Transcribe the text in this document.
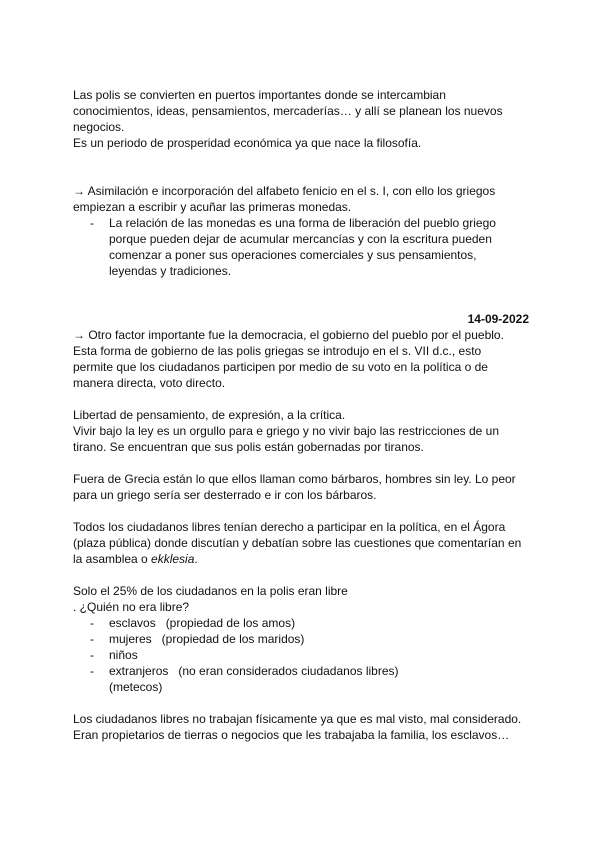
Las polis se convierten en puertos importantes donde se intercambian
conocimientos, ideas, pensamientos, mercaderías… y allí se planean los nuevos
negocios.
Es un periodo de prosperidad económica ya que nace la filosofía.
→ Asimilación e incorporación del alfabeto fenicio en el s. I, con ello los griegos
empiezan a escribir y acuñar las primeras monedas.
- La relación de las monedas es una forma de liberación del pueblo griego
porque pueden dejar de acumular mercancías y con la escritura pueden
comenzar a poner sus operaciones comerciales y sus pensamientos,
leyendas y tradiciones.
14-09-2022
→ Otro factor importante fue la democracia, el gobierno del pueblo por el pueblo.
Esta forma de gobierno de las polis griegas se introdujo en el s. VII d.c., esto
permite que los ciudadanos participen por medio de su voto en la política o de
manera directa, voto directo.
Libertad de pensamiento, de expresión, a la crítica.
Vivir bajo la ley es un orgullo para e griego y no vivir bajo las restricciones de un
tirano. Se encuentran que sus polis están gobernadas por tiranos.
Fuera de Grecia están lo que ellos llaman como bárbaros, hombres sin ley. Lo peor
para un griego sería ser desterrado e ir con los bárbaros.
Todos los ciudadanos libres tenían derecho a participar en la política, en el Ágora
(plaza pública) donde discutían y debatían sobre las cuestiones que comentarían en
la asamblea o ekklesia.
Solo el 25% de los ciudadanos en la polis eran libre
. ¿Quién no era libre?
- esclavos   (propiedad de los amos)
- mujeres   (propiedad de los maridos)
- niños
- extranjeros   (no eran considerados ciudadanos libres)
(metecos)
Los ciudadanos libres no trabajan físicamente ya que es mal visto, mal considerado.
Eran propietarios de tierras o negocios que les trabajaba la familia, los esclavos…
